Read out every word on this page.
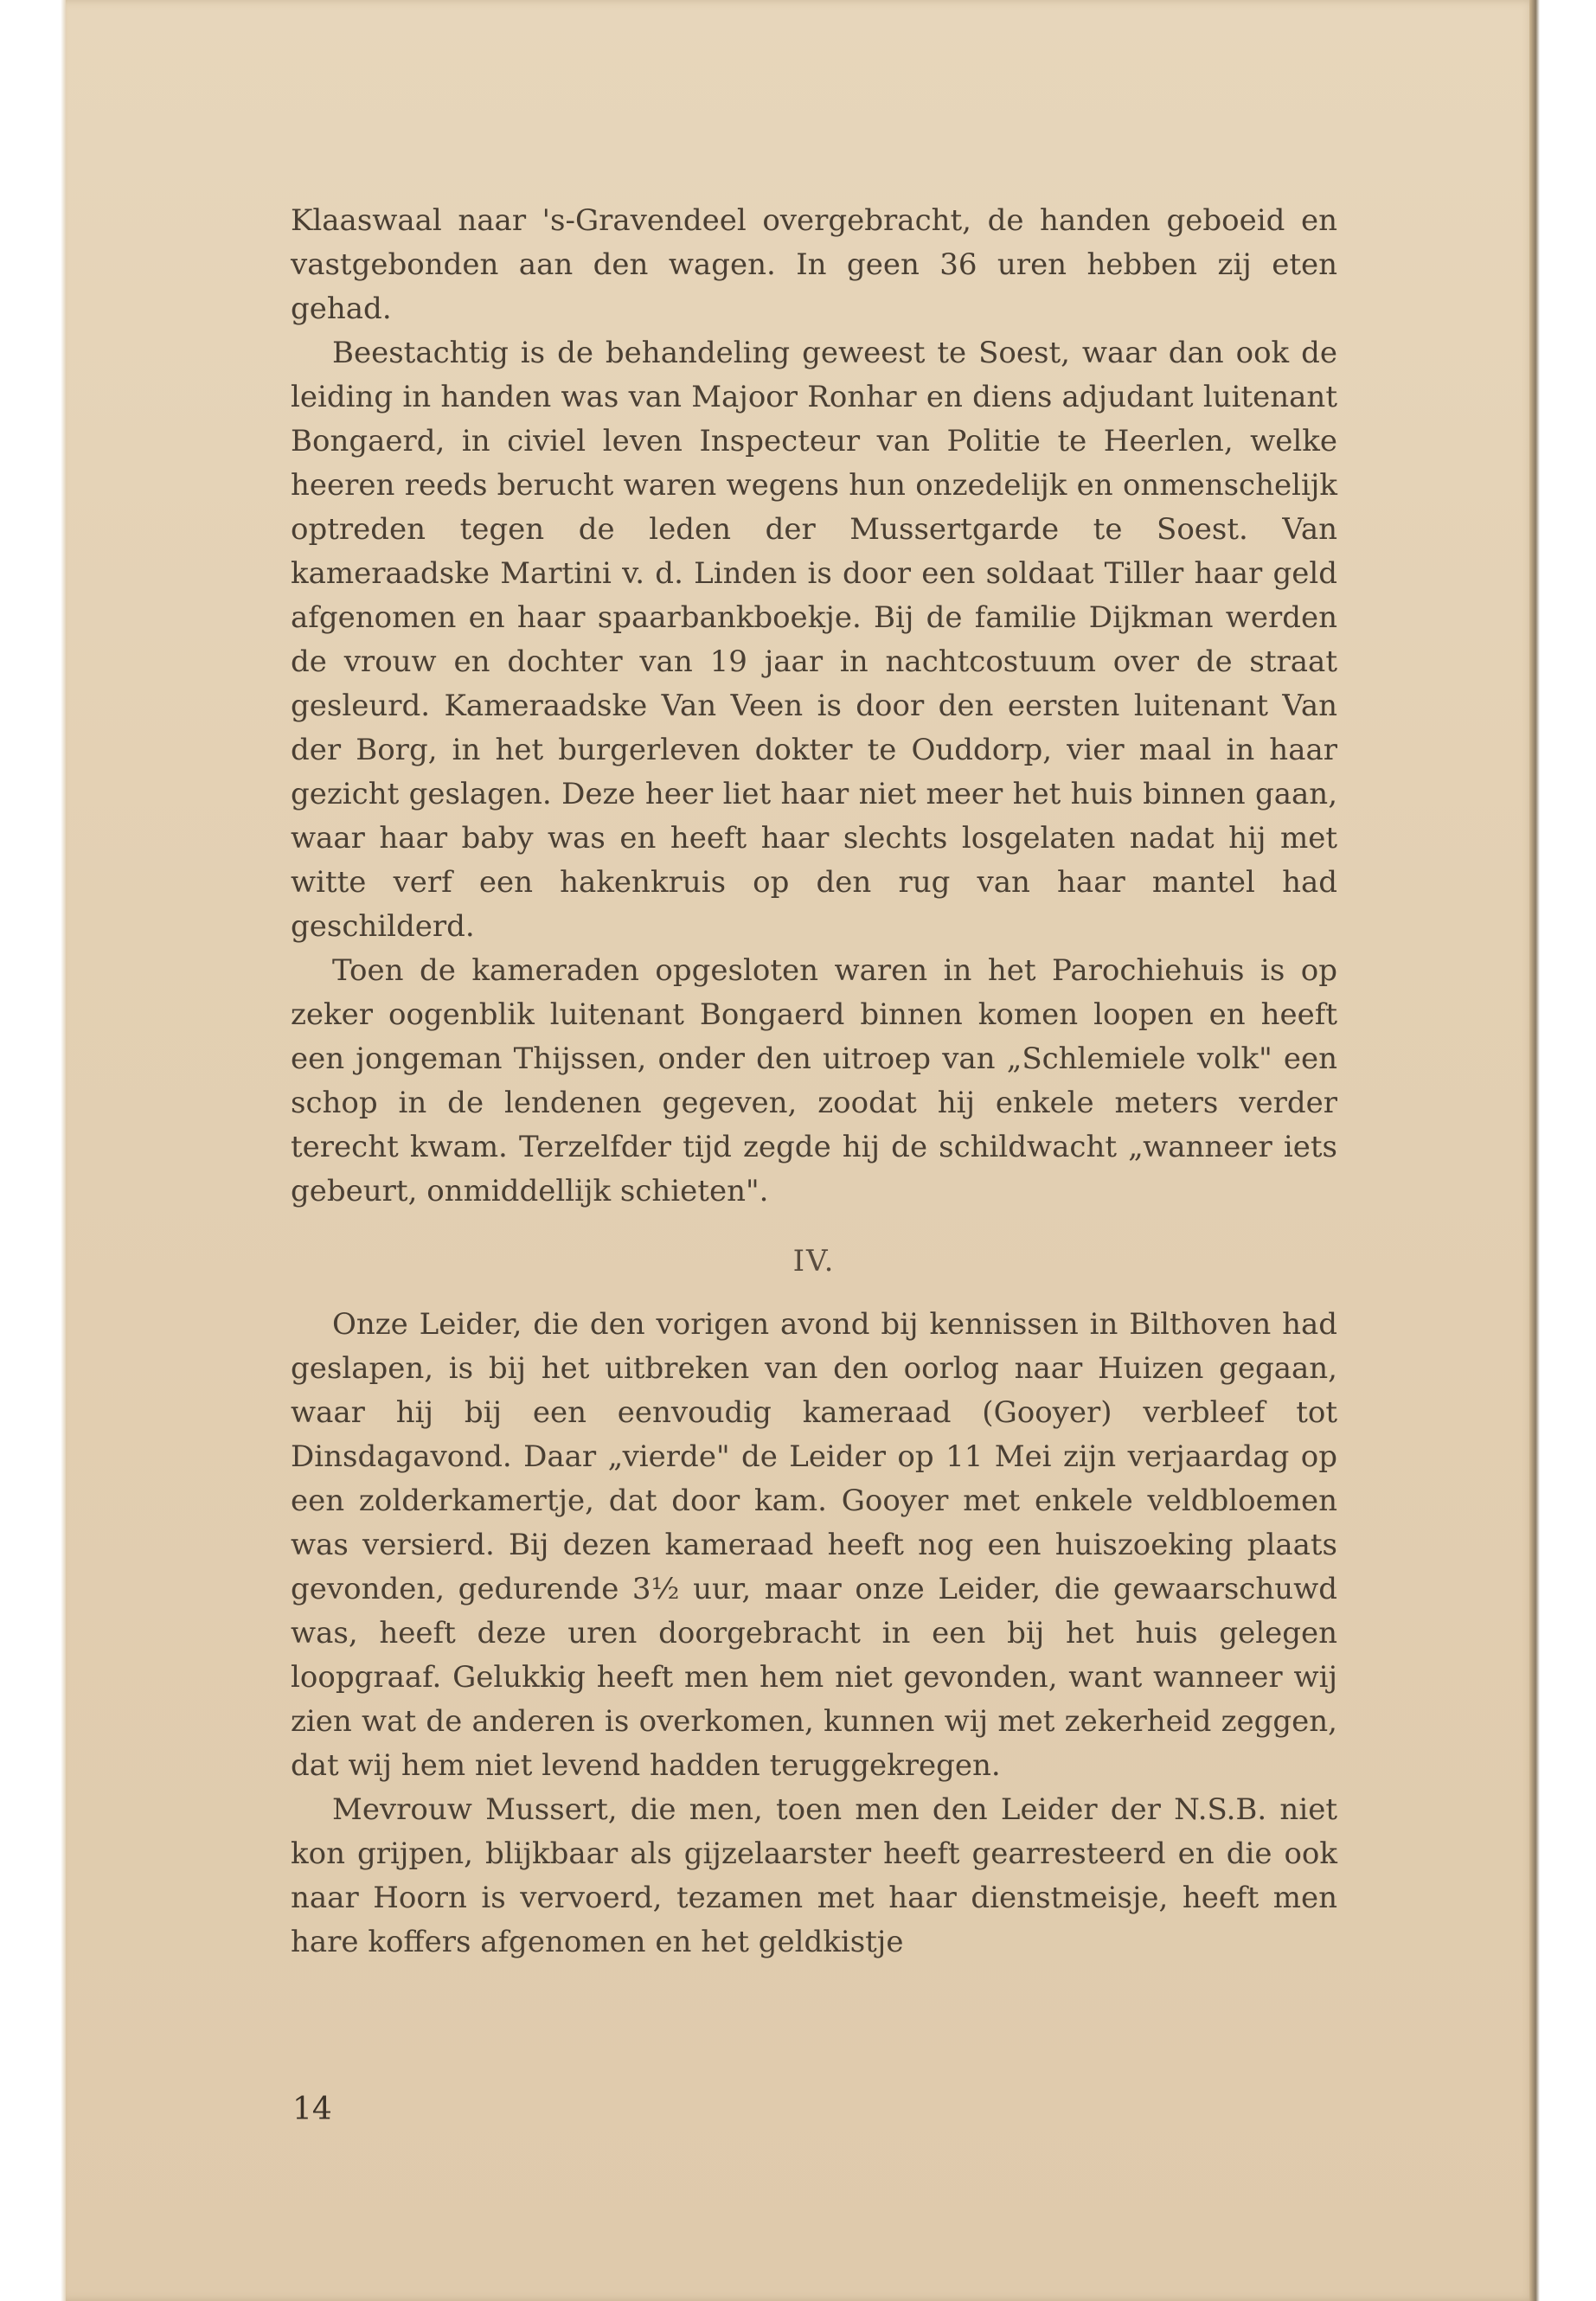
Klaaswaal naar 's-Gravendeel overgebracht, de handen geboeid en vastgebonden aan den wagen. In geen 36 uren hebben zij eten gehad.

Beestachtig is de behandeling geweest te Soest, waar dan ook de leiding in handen was van Majoor Ronhar en diens adjudant luitenant Bongaerd, in civiel leven Inspecteur van Politie te Heerlen, welke heeren reeds berucht waren wegens hun onzedelijk en onmenschelijk optreden tegen de leden der Mussertgarde te Soest. Van kameraadske Martini v. d. Linden is door een soldaat Tiller haar geld afgenomen en haar spaarbankboekje. Bij de familie Dijkman werden de vrouw en dochter van 19 jaar in nachtcostuum over de straat gesleurd. Kameraadske Van Veen is door den eersten luitenant Van der Borg, in het burgerleven dokter te Ouddorp, vier maal in haar gezicht geslagen. Deze heer liet haar niet meer het huis binnen gaan, waar haar baby was en heeft haar slechts losgelaten nadat hij met witte verf een hakenkruis op den rug van haar mantel had geschilderd.

Toen de kameraden opgesloten waren in het Parochiehuis is op zeker oogenblik luitenant Bongaerd binnen komen loopen en heeft een jongeman Thijssen, onder den uitroep van „Schlemiele volk" een schop in de lendenen gegeven, zoodat hij enkele meters verder terecht kwam. Terzelfder tijd zegde hij de schildwacht „wanneer iets gebeurt, onmiddellijk schieten".

IV.

Onze Leider, die den vorigen avond bij kennissen in Bilthoven had geslapen, is bij het uitbreken van den oorlog naar Huizen gegaan, waar hij bij een eenvoudig kameraad (Gooyer) verbleef tot Dinsdagavond. Daar „vierde" de Leider op 11 Mei zijn verjaardag op een zolderkamertje, dat door kam. Gooyer met enkele veldbloemen was versierd. Bij dezen kameraad heeft nog een huiszoeking plaats gevonden, gedurende 3½ uur, maar onze Leider, die gewaarschuwd was, heeft deze uren doorgebracht in een bij het huis gelegen loopgraaf. Gelukkig heeft men hem niet gevonden, want wanneer wij zien wat de anderen is overkomen, kunnen wij met zekerheid zeggen, dat wij hem niet levend hadden teruggekregen.

Mevrouw Mussert, die men, toen men den Leider der N.S.B. niet kon grijpen, blijkbaar als gijzelaarster heeft gearresteerd en die ook naar Hoorn is vervoerd, tezamen met haar dienstmeisje, heeft men hare koffers afgenomen en het geldkistje

14
